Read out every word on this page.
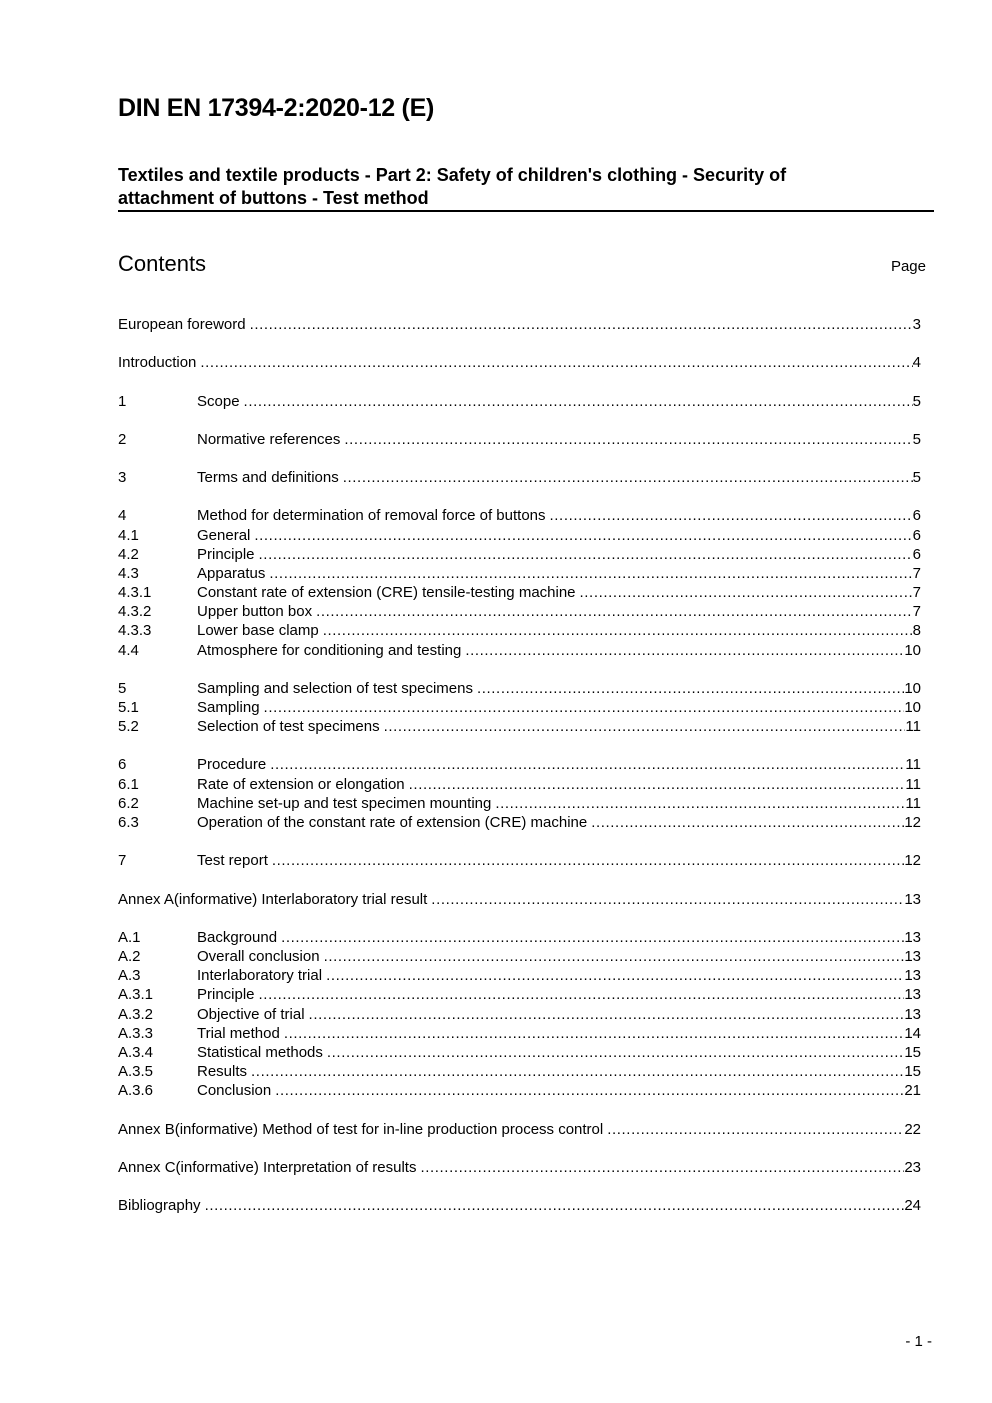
DIN EN 17394-2:2020-12 (E)
Textiles and textile products - Part 2: Safety of children's clothing - Security of attachment of buttons - Test method
Contents	Page
European foreword .....	3
Introduction .....	4
1	Scope .....	5
2	Normative references .....	5
3	Terms and definitions .....	5
4	Method for determination of removal force of buttons .....	6
4.1	General .....	6
4.2	Principle .....	6
4.3	Apparatus .....	7
4.3.1	Constant rate of extension (CRE) tensile-testing machine .....	7
4.3.2	Upper button box .....	7
4.3.3	Lower base clamp .....	8
4.4	Atmosphere for conditioning and testing .....	10
5	Sampling and selection of test specimens .....	10
5.1	Sampling .....	10
5.2	Selection of test specimens .....	11
6	Procedure .....	11
6.1	Rate of extension or elongation .....	11
6.2	Machine set-up and test specimen mounting .....	11
6.3	Operation of the constant rate of extension (CRE) machine .....	12
7	Test report .....	12
Annex A(informative) Interlaboratory trial result .....	13
A.1	Background .....	13
A.2	Overall conclusion .....	13
A.3	Interlaboratory trial .....	13
A.3.1	Principle .....	13
A.3.2	Objective of trial .....	13
A.3.3	Trial method .....	14
A.3.4	Statistical methods .....	15
A.3.5	Results .....	15
A.3.6	Conclusion .....	21
Annex B(informative) Method of test for in-line production process control .....	22
Annex C(informative) Interpretation of results .....	23
Bibliography .....	24
- 1 -
